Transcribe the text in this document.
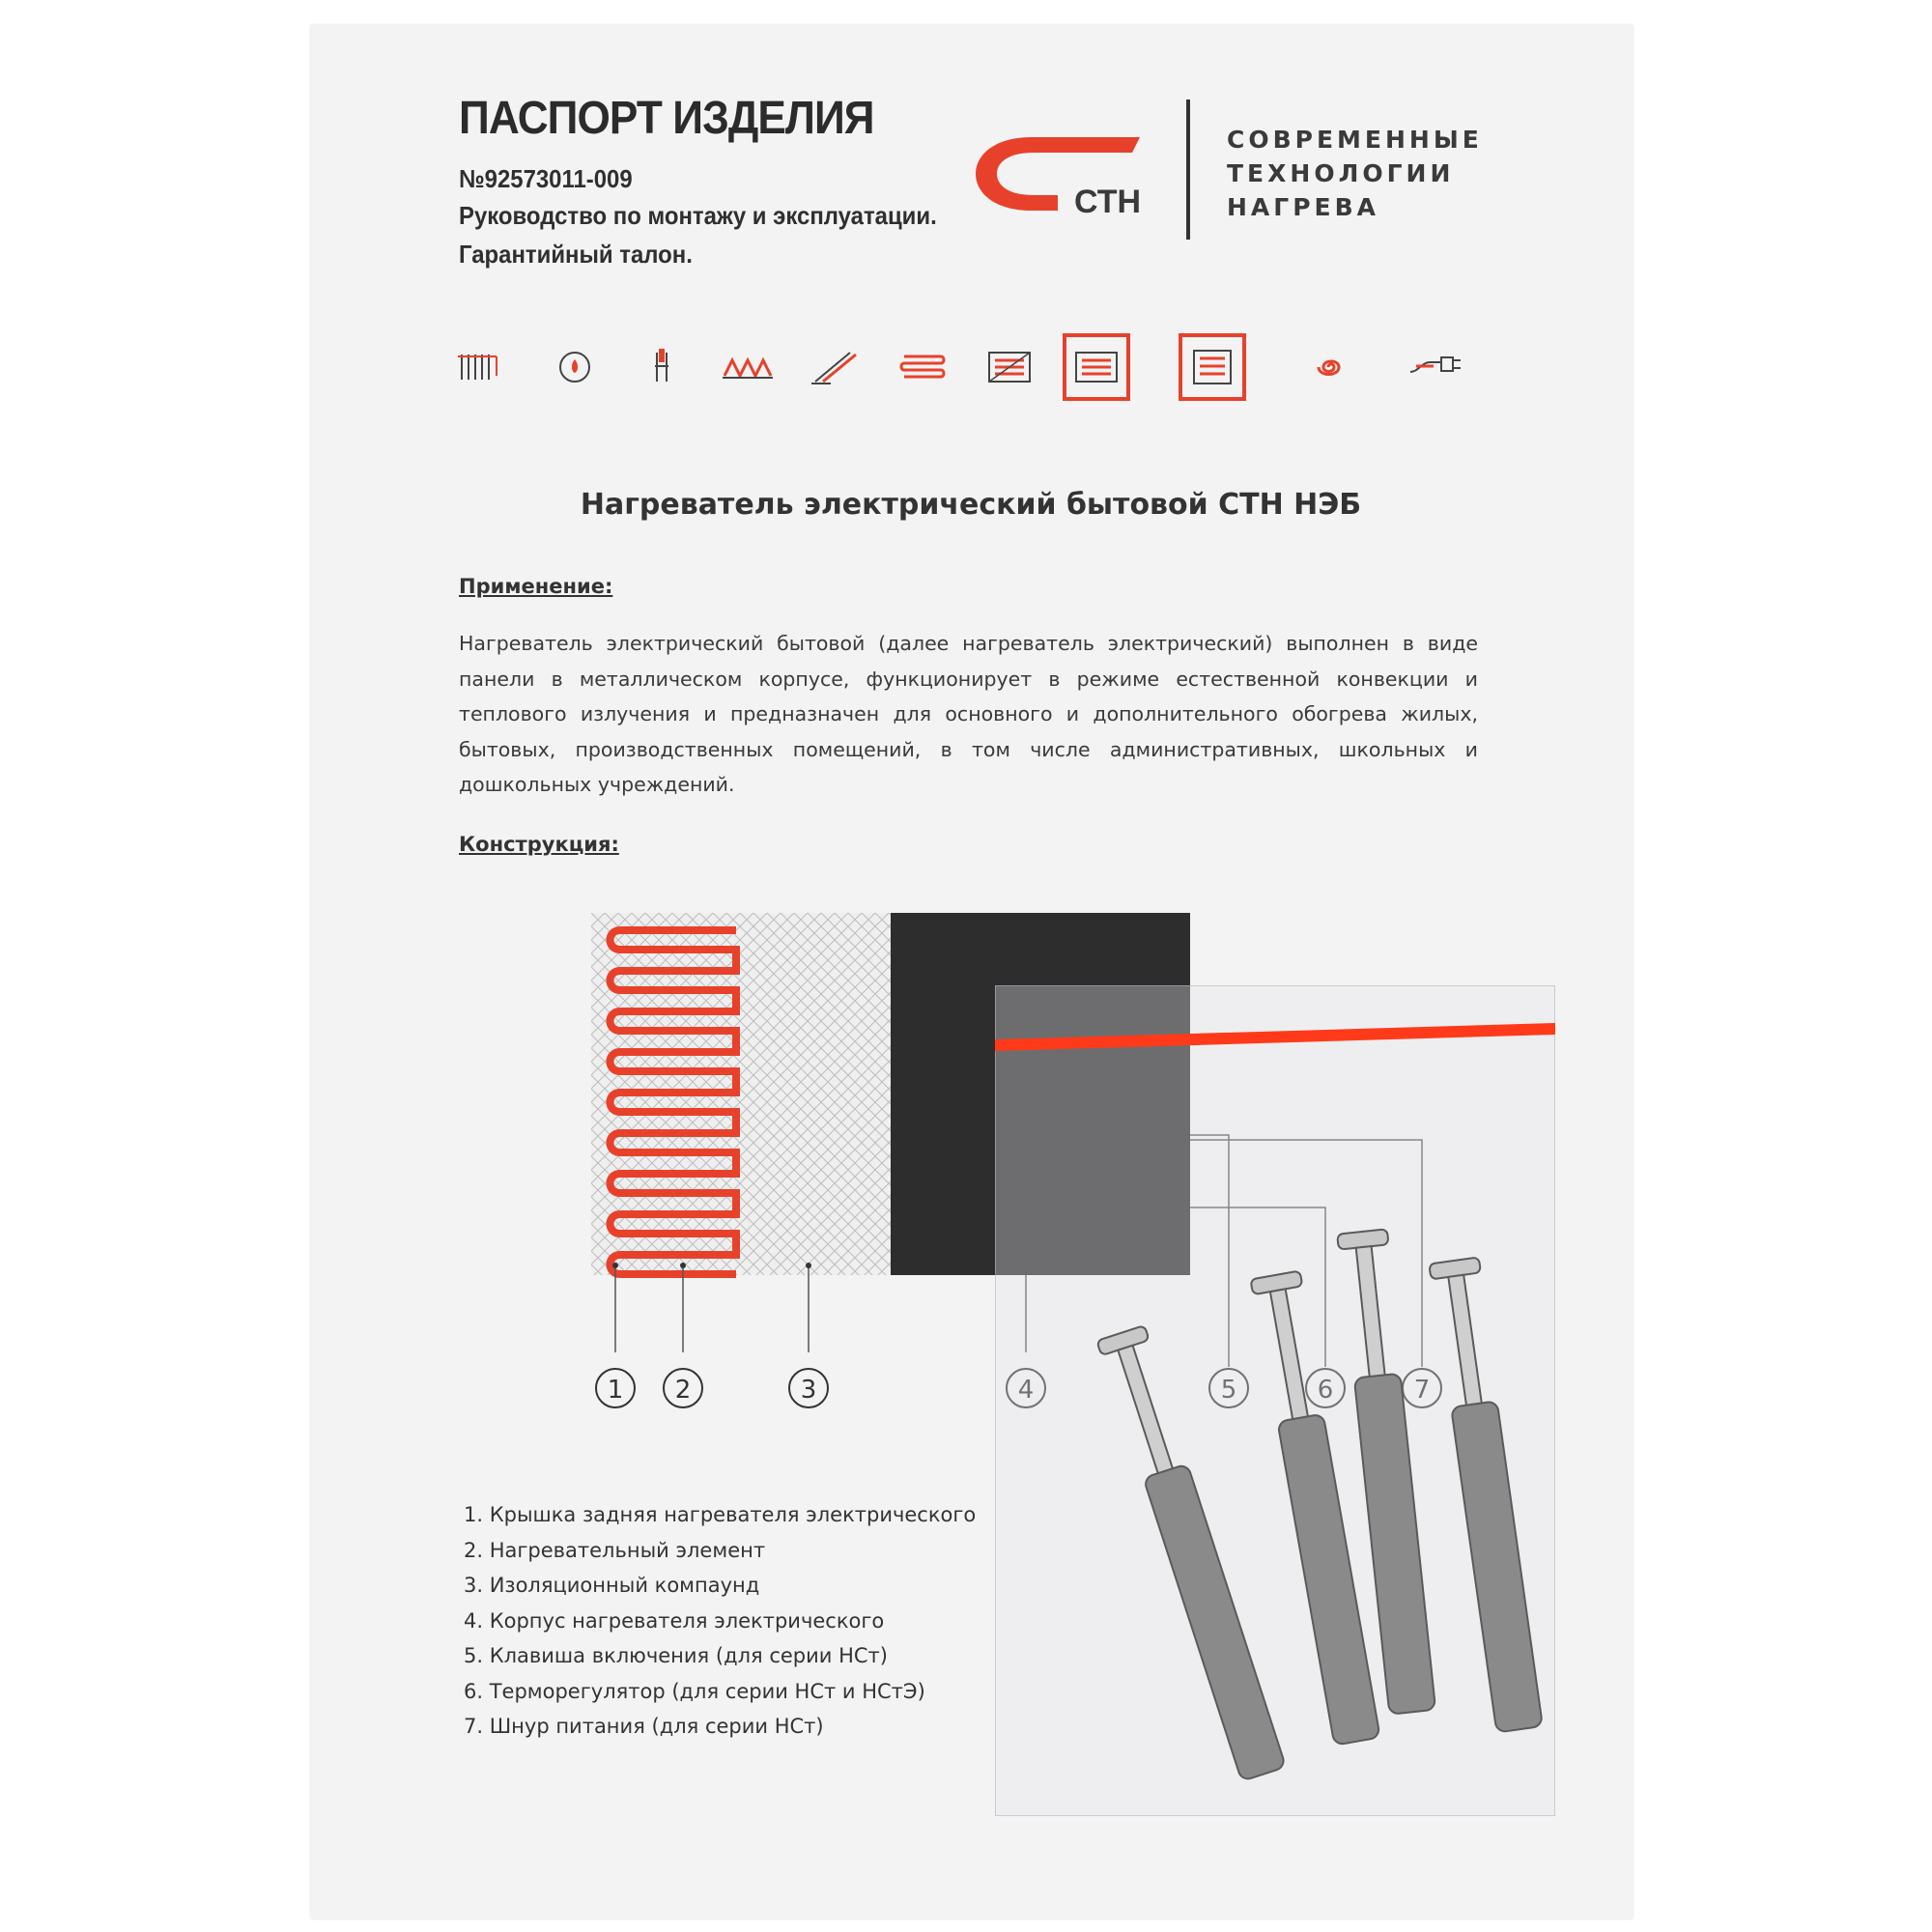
ПАСПОРТ ИЗДЕЛИЯ
№92573011-009
Руководство по монтажу и эксплуатации.
Гарантийный талон.
СТН
СОВРЕМЕННЫЕ
ТЕХНОЛОГИИ
НАГРЕВА
Нагреватель электрический бытовой СТН НЭБ
Применение:
Нагреватель электрический бытовой (далее нагреватель электрический) выполнен в виде
панели в металлическом корпусе, функционирует в режиме естественной конвекции и
теплового излучения и предназначен для основного и дополнительного обогрева жилых,
бытовых, производственных помещений, в том числе административных, школьных и
дошкольных учреждений.
Конструкция:
1 2	3
1. Крышка задняя нагревателя электрического
2. Нагревательный элемент
3. Изоляционный компаунд
4. Корпус нагревателя электрического
5. Клавиша включения (для серии НСт)
6. Терморегулятор (для серии НСт и НСтЭ)
7. Шнур питания (для серии НСт)
